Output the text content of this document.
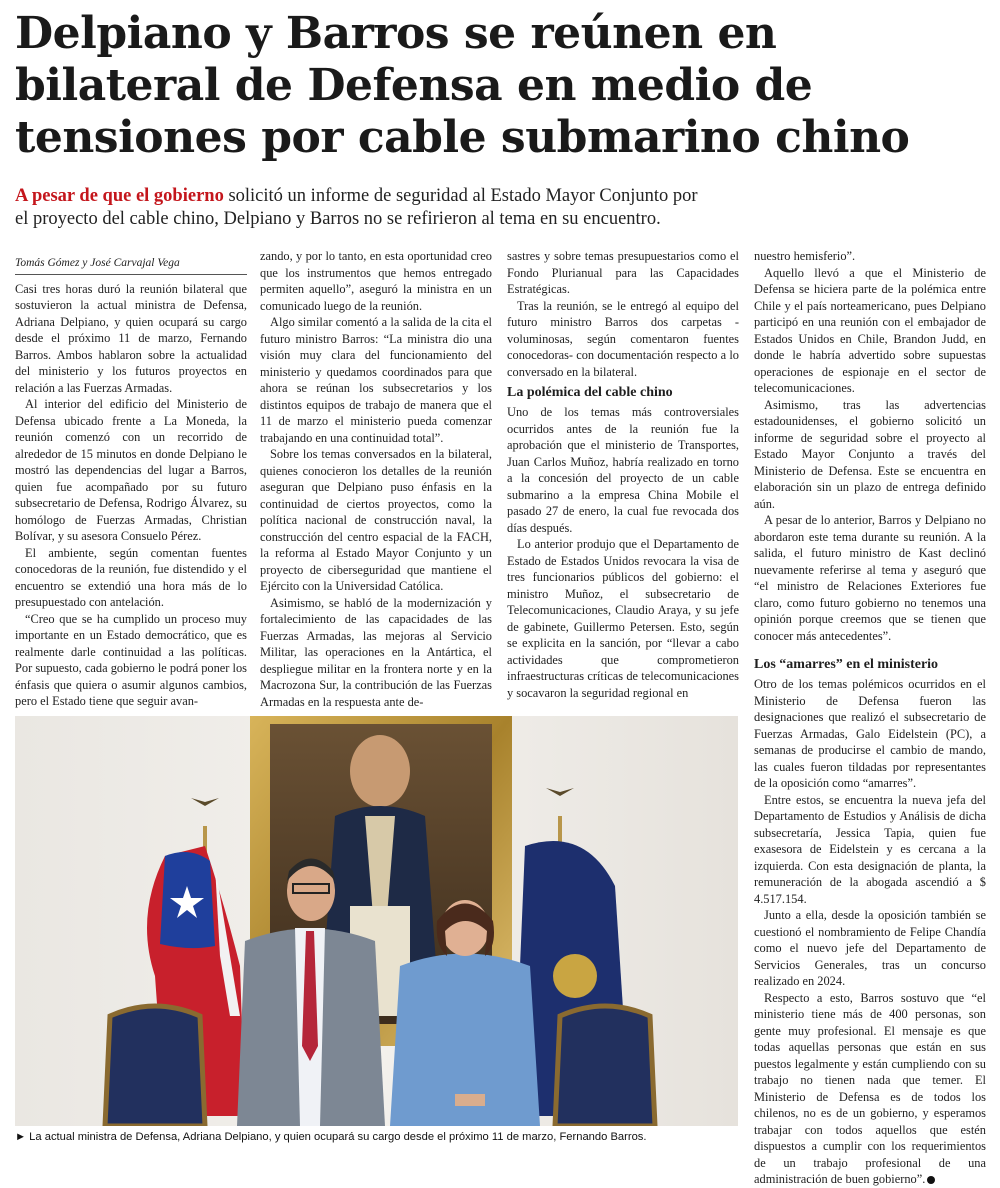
Delpiano y Barros se reúnen en
bilateral de Defensa en medio de
tensiones por cable submarino chino

A pesar de que el gobierno solicitó un informe de seguridad al Estado Mayor Conjunto por
el proyecto del cable chino, Delpiano y Barros no se refirieron al tema en su encuentro.

Tomás Gómez y José Carvajal Vega

Casi tres horas duró la reunión bilateral que sostuvieron la actual ministra de Defensa, Adriana Delpiano, y quien ocupará su cargo desde el próximo 11 de marzo, Fernando Barros. Ambos hablaron sobre la actualidad del ministerio y los futuros proyectos en relación a las Fuerzas Armadas.

Al interior del edificio del Ministerio de Defensa ubicado frente a La Moneda, la reunión comenzó con un recorrido de alrededor de 15 minutos en donde Delpiano le mostró las dependencias del lugar a Barros, quien fue acompañado por su futuro subsecretario de Defensa, Rodrigo Álvarez, su homólogo de Fuerzas Armadas, Christian Bolívar, y su asesora Consuelo Pérez.

El ambiente, según comentan fuentes conocedoras de la reunión, fue distendido y el encuentro se extendió una hora más de lo presupuestado con antelación.

“Creo que se ha cumplido un proceso muy importante en un Estado democrático, que es realmente darle continuidad a las políticas. Por supuesto, cada gobierno le podrá poner los énfasis que quiera o asumir algunos cambios, pero el Estado tiene que seguir avan-

zando, y por lo tanto, en esta oportunidad creo que los instrumentos que hemos entregado permiten aquello”, aseguró la ministra en un comunicado luego de la reunión.

Algo similar comentó a la salida de la cita el futuro ministro Barros: “La ministra dio una visión muy clara del funcionamiento del ministerio y quedamos coordinados para que ahora se reúnan los subsecretarios y los distintos equipos de trabajo de manera que el 11 de marzo el ministerio pueda comenzar trabajando en una continuidad total”.

Sobre los temas conversados en la bilateral, quienes conocieron los detalles de la reunión aseguran que Delpiano puso énfasis en la continuidad de ciertos proyectos, como la política nacional de construcción naval, la construcción del centro espacial de la FACH, la reforma al Estado Mayor Conjunto y un proyecto de ciberseguridad que mantiene el Ejército con la Universidad Católica.

Asimismo, se habló de la modernización y fortalecimiento de las capacidades de las Fuerzas Armadas, las mejoras al Servicio Militar, las operaciones en la Antártica, el despliegue militar en la frontera norte y en la Macrozona Sur, la contribución de las Fuerzas Armadas en la respuesta ante de-

sastres y sobre temas presupuestarios como el Fondo Plurianual para las Capacidades Estratégicas.

Tras la reunión, se le entregó al equipo del futuro ministro Barros dos carpetas -voluminosas, según comentaron fuentes conocedoras- con documentación respecto a lo conversado en la bilateral.

La polémica del cable chino

Uno de los temas más controversiales ocurridos antes de la reunión fue la aprobación que el ministerio de Transportes, Juan Carlos Muñoz, habría realizado en torno a la concesión del proyecto de un cable submarino a la empresa China Mobile el pasado 27 de enero, la cual fue revocada dos días después.

Lo anterior produjo que el Departamento de Estado de Estados Unidos revocara la visa de tres funcionarios públicos del gobierno: el ministro Muñoz, el subsecretario de Telecomunicaciones, Claudio Araya, y su jefe de gabinete, Guillermo Petersen. Esto, según se explicita en la sanción, por “llevar a cabo actividades que comprometieron infraestructuras críticas de telecomunicaciones y socavaron la seguridad regional en

nuestro hemisferio”.

Aquello llevó a que el Ministerio de Defensa se hiciera parte de la polémica entre Chile y el país norteamericano, pues Delpiano participó en una reunión con el embajador de Estados Unidos en Chile, Brandon Judd, en donde le habría advertido sobre supuestas operaciones de espionaje en el sector de telecomunicaciones.

Asimismo, tras las advertencias estadounidenses, el gobierno solicitó un informe de seguridad sobre el proyecto al Estado Mayor Conjunto a través del Ministerio de Defensa. Este se encuentra en elaboración sin un plazo de entrega definido aún.

A pesar de lo anterior, Barros y Delpiano no abordaron este tema durante su reunión. A la salida, el futuro ministro de Kast declinó nuevamente referirse al tema y aseguró que “el ministro de Relaciones Exteriores fue claro, como futuro gobierno no tenemos una opinión porque creemos que se tienen que conocer más antecedentes”.

Los “amarres” en el ministerio

Otro de los temas polémicos ocurridos en el Ministerio de Defensa fueron las designaciones que realizó el subsecretario de Fuerzas Armadas, Galo Eidelstein (PC), a semanas de producirse el cambio de mando, las cuales fueron tildadas por representantes de la oposición como “amarres”.

Entre estos, se encuentra la nueva jefa del Departamento de Estudios y Análisis de dicha subsecretaría, Jessica Tapia, quien fue exasesora de Eidelstein y es cercana a la izquierda. Con esta designación de planta, la remuneración de la abogada ascendió a $ 4.517.154.

Junto a ella, desde la oposición también se cuestionó el nombramiento de Felipe Chandía como el nuevo jefe del Departamento de Servicios Generales, tras un concurso realizado en 2024.

Respecto a esto, Barros sostuvo que “el ministerio tiene más de 400 personas, son gente muy profesional. El mensaje es que todas aquellas personas que están en sus puestos legalmente y están cumpliendo con su trabajo no tienen nada que temer. El Ministerio de Defensa es de todos los chilenos, no es de un gobierno, y esperamos trabajar con todos aquellos que estén dispuestos a cumplir con los requerimientos de un trabajo profesional de una administración de buen gobierno”.

► La actual ministra de Defensa, Adriana Delpiano, y quien ocupará su cargo desde el próximo 11 de marzo, Fernando Barros.
